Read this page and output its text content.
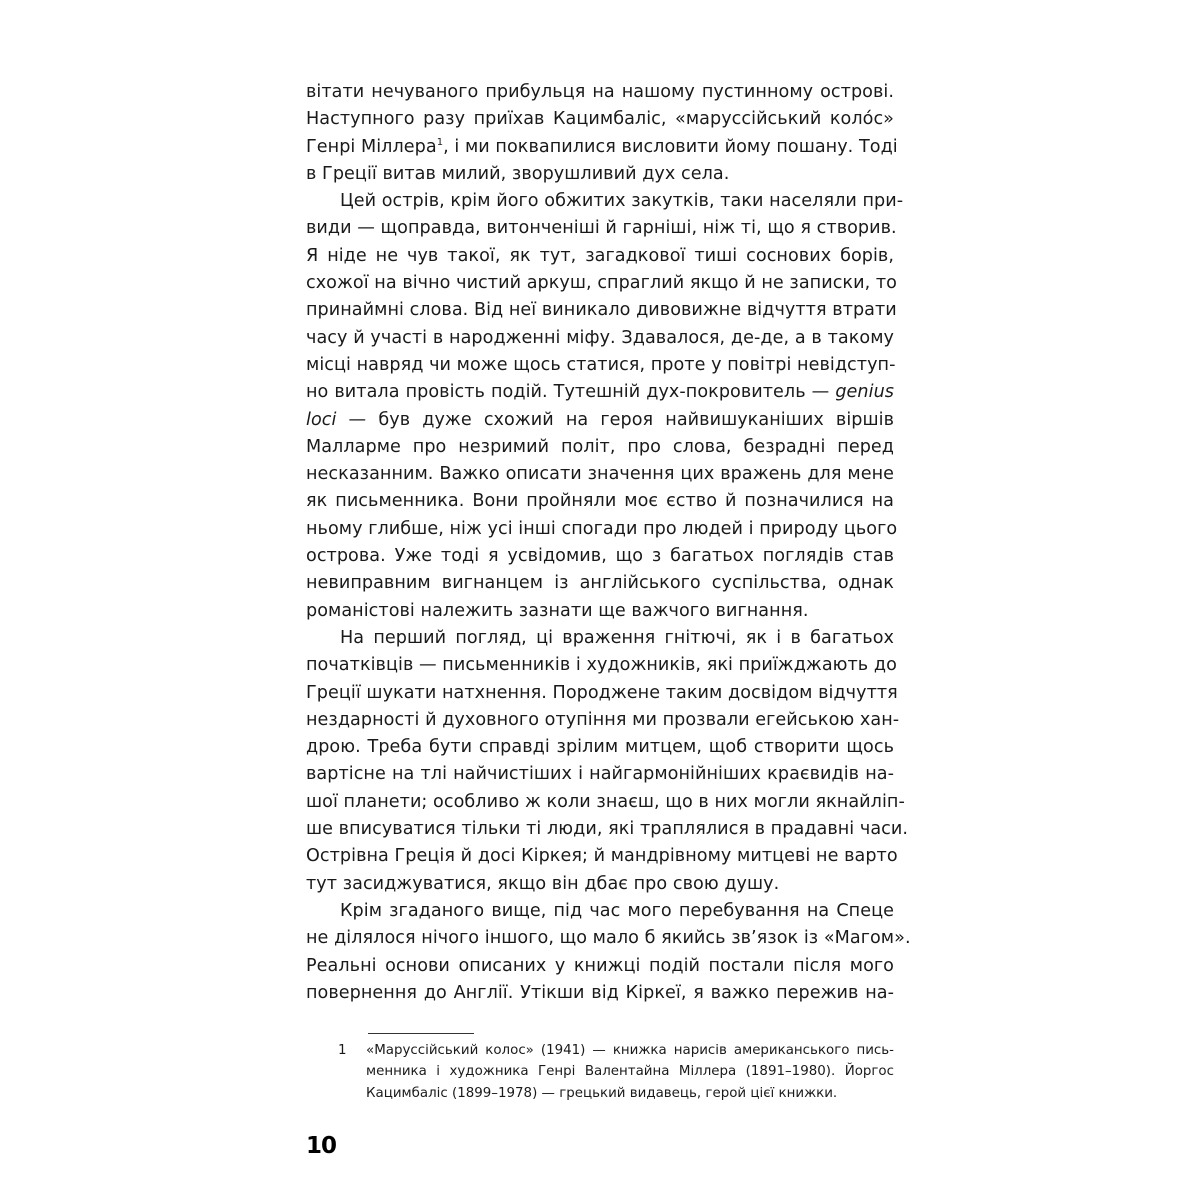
вітати нечуваного прибульця на нашому пустинному острові.
Наступного разу приїхав Кацимбаліс, «маруссійський коло́с»
Генрі Міллера$^1$, і ми поквапилися висловити йому пошану. Тоді
в Греції витав милий, зворушливий дух села.

Цей острів, крім його обжитих закутків, таки населяли при-
види — щоправда, витонченіші й гарніші, ніж ті, що я створив.
Я ніде не чув такої, як тут, загадкової тиші соснових борів,
схожої на вічно чистий аркуш, спраглий якщо й не записки, то
принаймні слова. Від неї виникало дивовижне відчуття втрати
часу й участі в народженні міфу. Здавалося, де-де, а в такому
місці навряд чи може щось статися, проте у повітрі невідступ-
но витала провість подій. Тутешній дух-покровитель — genius
loci — був дуже схожий на героя найвишуканіших віршів
Малларме про незримий політ, про слова, безрадні перед
несказанним. Важко описати значення цих вражень для мене
як письменника. Вони пройняли моє єство й позначилися на
ньому глибше, ніж усі інші спогади про людей і природу цього
острова. Уже тоді я усвідомив, що з багатьох поглядів став
невиправним вигнанцем із англійського суспільства, однак
романістові належить зазнати ще важчого вигнання.

На перший погляд, ці враження гнітючі, як і в багатьох
початківців — письменників і художників, які приїжджають до
Греції шукати натхнення. Породжене таким досвідом відчуття
нездарності й духовного отупіння ми прозвали егейською хан-
дрою. Треба бути справді зрілим митцем, щоб створити щось
вартісне на тлі найчистіших і найгармонійніших краєвидів на-
шої планети; особливо ж коли знаєш, що в них могли якнайліп-
ше вписуватися тільки ті люди, які траплялися в прадавні часи.
Острівна Греція й досі Кіркея; й мандрівному митцеві не варто
тут засиджуватися, якщо він дбає про свою душу.

Крім згаданого вище, під час мого перебування на Спеце
не ділялося нічого іншого, що мало б якийсь зв’язок із «Магом».
Реальні основи описаних у книжці подій постали після мого
повернення до Англії. Утікши від Кіркеї, я важко пережив на-

1	«Маруссійський колос» (1941) — книжка нарисів американського пись-
менника і художника Генрі Валентайна Міллера (1891–1980). Йоргос
Кацимбаліс (1899–1978) — грецький видавець, герой цієї книжки.
10
